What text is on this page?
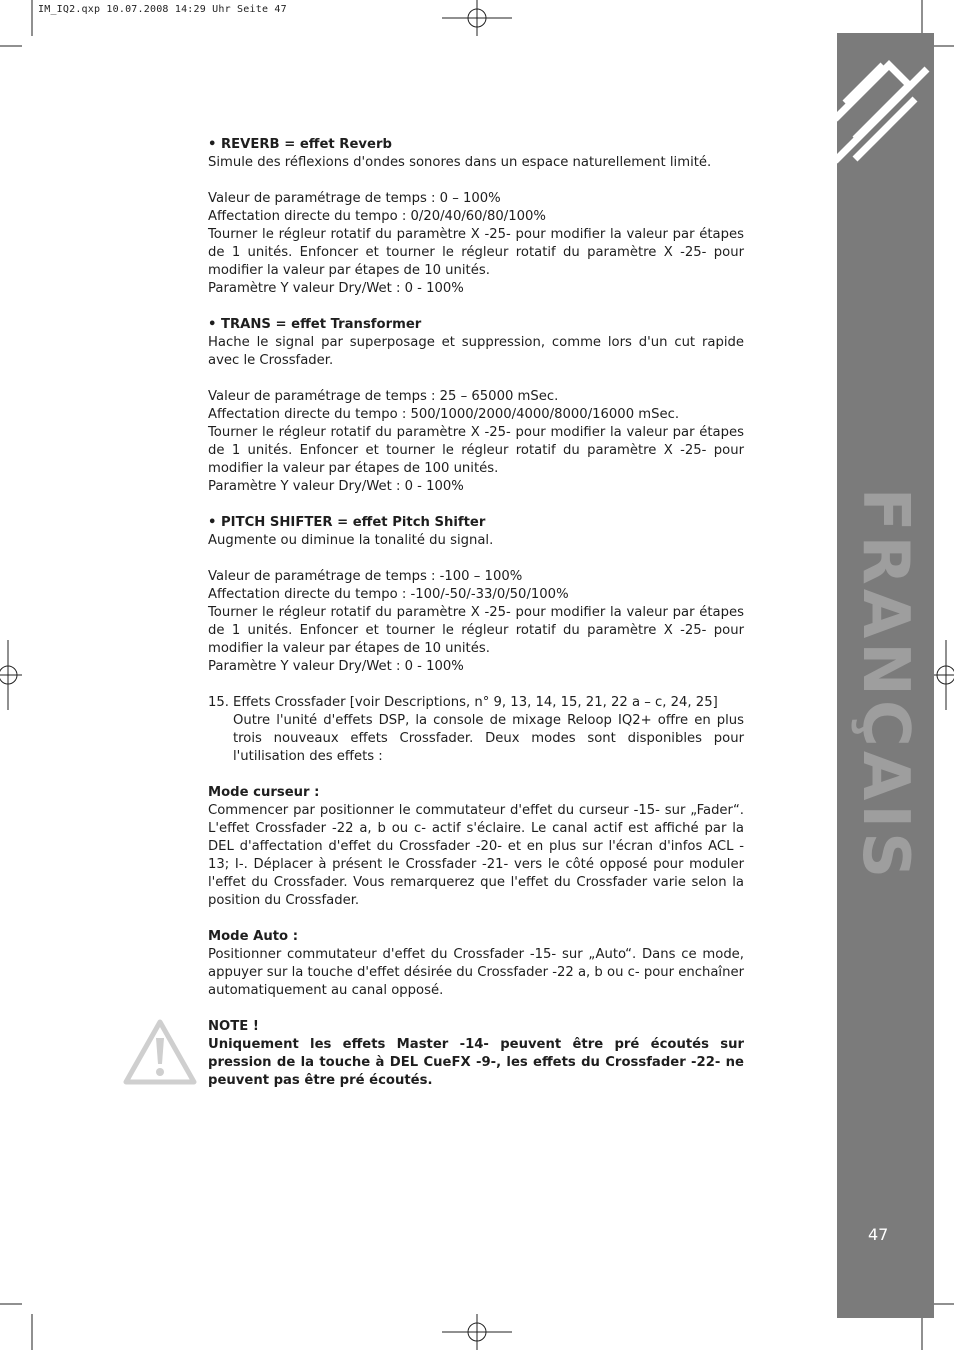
IM_IQ2.qxp 10.07.2008 14:29 Uhr Seite 47
FRANÇAIS
47
• REVERB = effet Reverb

Simule des réflexions d'ondes sonores dans un espace naturellement limité.

Valeur de paramétrage de temps : 0 – 100%
Affectation directe du tempo : 0/20/40/60/80/100%
Tourner le régleur rotatif du paramètre X -25- pour modifier la valeur par étapes de 1 unités. Enfoncer et tourner le régleur rotatif du paramètre X -25- pour modifier la valeur par étapes de 10 unités.

Paramètre Y valeur Dry/Wet : 0 - 100%

• TRANS = effet Transformer

Hache le signal par superposage et suppression, comme lors d'un cut rapide avec le Crossfader.

Valeur de paramétrage de temps : 25 – 65000 mSec.
Affectation directe du tempo : 500/1000/2000/4000/8000/16000 mSec.
Tourner le régleur rotatif du paramètre X -25- pour modifier la valeur par étapes de 1 unités. Enfoncer et tourner le régleur rotatif du paramètre X -25- pour modifier la valeur par étapes de 100 unités.

Paramètre Y valeur Dry/Wet : 0 - 100%

• PITCH SHIFTER = effet Pitch Shifter

Augmente ou diminue la tonalité du signal.

Valeur de paramétrage de temps : -100 – 100%
Affectation directe du tempo : -100/-50/-33/0/50/100%
Tourner le régleur rotatif du paramètre X -25- pour modifier la valeur par étapes de 1 unités. Enfoncer et tourner le régleur rotatif du paramètre X -25- pour modifier la valeur par étapes de 10 unités.

Paramètre Y valeur Dry/Wet : 0 - 100%

15. Effets Crossfader [voir Descriptions, n° 9, 13, 14, 15, 21, 22 a – c, 24, 25]
Outre l'unité d'effets DSP, la console de mixage Reloop IQ2+ offre en plus trois nouveaux effets Crossfader. Deux modes sont disponibles pour l'utilisation des effets :
Mode curseur :

Commencer par positionner le commutateur d'effet du curseur -15- sur „Fader“. L'effet Crossfader -22 a, b ou c- actif s'éclaire. Le canal actif est affiché par la DEL d'affectation d'effet du Crossfader -20- et en plus sur l'écran d'infos ACL - 13; I-. Déplacer à présent le Crossfader -21- vers le côté opposé pour moduler l'effet du Crossfader. Vous remarquerez que l'effet du Crossfader varie selon la position du Crossfader.

Mode Auto :

Positionner commutateur d'effet du Crossfader -15- sur „Auto“. Dans ce mode, appuyer sur la touche d'effet désirée du Crossfader -22 a, b ou c- pour enchaîner automatiquement au canal opposé.

NOTE !
Uniquement les effets Master -14- peuvent être pré écoutés sur pression de la touche à DEL CueFX -9-, les effets du Crossfader -22- ne peuvent pas être pré écoutés.
